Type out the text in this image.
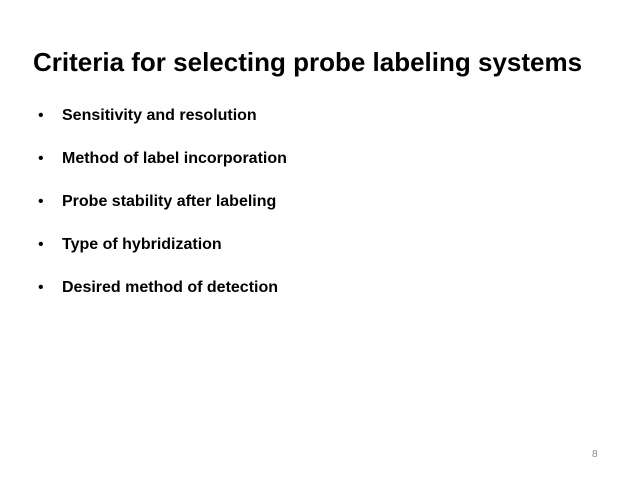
Criteria for selecting probe labeling systems
•	Sensitivity and resolution
•	Method of label incorporation
•	Probe stability after labeling
•	Type of hybridization
•	Desired method of detection
8
